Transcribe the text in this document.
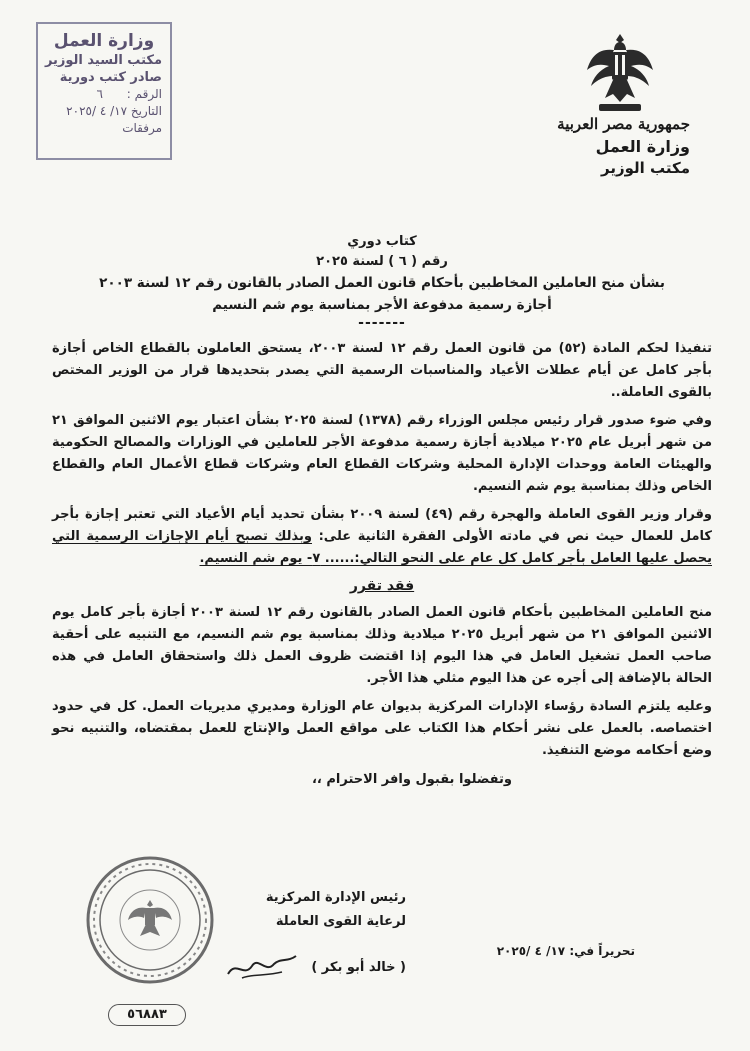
وزارة العمل
مكتب السيد الوزير
صادر كتب دورية
الرقم : ٦
التاريخ ١٧/ ٤ /٢٠٢٥
مرفقات	جمهورية مصر العربية
وزارة العمل
مكتب الوزير
كتاب دوري
رقم ( ٦ ) لسنة ٢٠٢٥
بشأن منح العاملين المخاطبين بأحكام قانون العمل الصادر بالقانون رقم ١٢ لسنة ٢٠٠٣
أجازة رسمية مدفوعة الأجر بمناسبة يوم شم النسيم
-------

تنفيذا لحكم المادة (٥٢) من قانون العمل رقم ١٢ لسنة ٢٠٠٣، يستحق العاملون بالقطاع الخاص أجازة بأجر كامل عن أيام عطلات الأعياد والمناسبات الرسمية التي يصدر بتحديدها قرار من الوزير المختص بالقوى العاملة..

وفي ضوء صدور قرار رئيس مجلس الوزراء رقم (١٣٧٨) لسنة ٢٠٢٥ بشأن اعتبار يوم الاثنين الموافق ٢١ من شهر أبريل عام ٢٠٢٥ ميلادية أجازة رسمية مدفوعة الأجر للعاملين في الوزارات والمصالح الحكومية والهيئات العامة ووحدات الإدارة المحلية وشركات القطاع العام وشركات قطاع الأعمال العام والقطاع الخاص وذلك بمناسبة يوم شم النسيم.

وقرار وزير القوى العاملة والهجرة رقم (٤٩) لسنة ٢٠٠٩ بشأن تحديد أيام الأعياد التي تعتبر إجازة بأجر كامل للعمال حيث نص في مادته الأولى الفقرة الثانية على: وبذلك تصبح أيام الإجازات الرسمية التي يحصل عليها العامل بأجر كامل كل عام على النحو التالي:...... ٧- يوم شم النسيم.

فقد تقرر

منح العاملين المخاطبين بأحكام قانون العمل الصادر بالقانون رقم ١٢ لسنة ٢٠٠٣ أجازة بأجر كامل يوم الاثنين الموافق ٢١ من شهر أبريل ٢٠٢٥ ميلادية وذلك بمناسبة يوم شم النسيم، مع التنبيه على أحقية صاحب العمل تشغيل العامل في هذا اليوم إذا اقتضت ظروف العمل ذلك واستحقاق العامل في هذه الحالة بالإضافة إلى أجره عن هذا اليوم مثلي هذا الأجر.

وعليه يلتزم السادة رؤساء الإدارات المركزية بديوان عام الوزارة ومديري مديريات العمل. كل في حدود اختصاصه. بالعمل على نشر أحكام هذا الكتاب على مواقع العمل والإنتاج للعمل بمقتضاه، والتنبيه نحو وضع أحكامه موضع التنفيذ.

وتفضلوا بقبول وافر الاحترام ،،
رئيس الإدارة المركزية
لرعاية القوى العاملة
( خالد أبو بكر )
تحريراً في: ١٧/ ٤ /٢٠٢٥
٥٦٨٨٣
